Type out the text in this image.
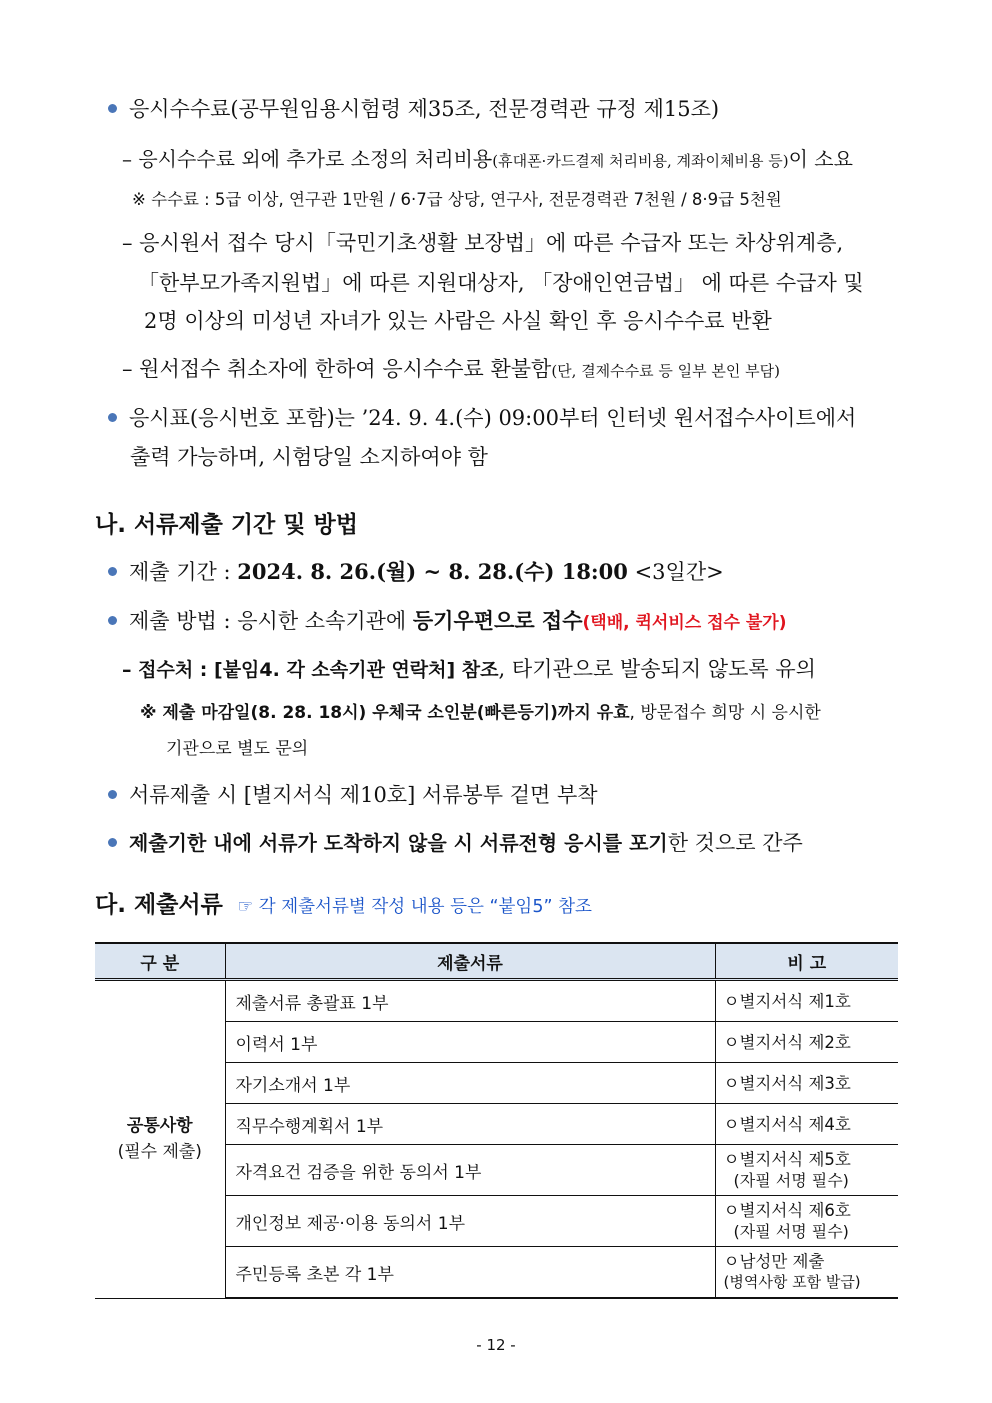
응시수수료(공무원임용시험령 제35조, 전문경력관 규정 제15조)
– 응시수수료 외에 추가로 소정의 처리비용(휴대폰·카드결제 처리비용, 계좌이체비용 등)이 소요
※ 수수료 : 5급 이상, 연구관 1만원 / 6·7급 상당, 연구사, 전문경력관 7천원 / 8·9급 5천원
– 응시원서 접수 당시「국민기초생활 보장법」에 따른 수급자 또는 차상위계층,
「한부모가족지원법」에 따른 지원대상자, 「장애인연금법」 에 따른 수급자 및
2명 이상의 미성년 자녀가 있는 사람은 사실 확인 후 응시수수료 반환
– 원서접수 취소자에 한하여 응시수수료 환불함(단, 결제수수료 등 일부 본인 부담)
응시표(응시번호 포함)는 ’24. 9. 4.(수) 09:00부터 인터넷 원서접수사이트에서
출력 가능하며, 시험당일 소지하여야 함
나. 서류제출 기간 및 방법
제출 기간 : 2024. 8. 26.(월) ~ 8. 28.(수) 18:00 <3일간>
제출 방법 : 응시한 소속기관에 등기우편으로 접수(택배, 퀵서비스 접수 불가)
– 접수처 : [붙임4. 각 소속기관 연락처] 참조, 타기관으로 발송되지 않도록 유의
※ 제출 마감일(8. 28. 18시) 우체국 소인분(빠른등기)까지 유효, 방문접수 희망 시 응시한
기관으로 별도 문의
서류제출 시 [별지서식 제10호] 서류봉투 겉면 부착
제출기한 내에 서류가 도착하지 않을 시 서류전형 응시를 포기한 것으로 간주
다. 제출서류 ☞ 각 제출서류별 작성 내용 등은 “붙임5” 참조
구 분	제출서류	비 고

공통사항
(필수 제출)	제출서류 총괄표 1부	ㅇ별지서식 제1호
	이력서 1부	ㅇ별지서식 제2호
	자기소개서 1부	ㅇ별지서식 제3호
	직무수행계획서 1부	ㅇ별지서식 제4호
	자격요건 검증을 위한 동의서 1부	ㅇ별지서식 제5호
(자필 서명 필수)

	개인정보 제공·이용 동의서 1부	ㅇ별지서식 제6호
(자필 서명 필수)

	주민등록 초본 각 1부	ㅇ남성만 제출
(병역사항 포함 발급)
- 12 -
